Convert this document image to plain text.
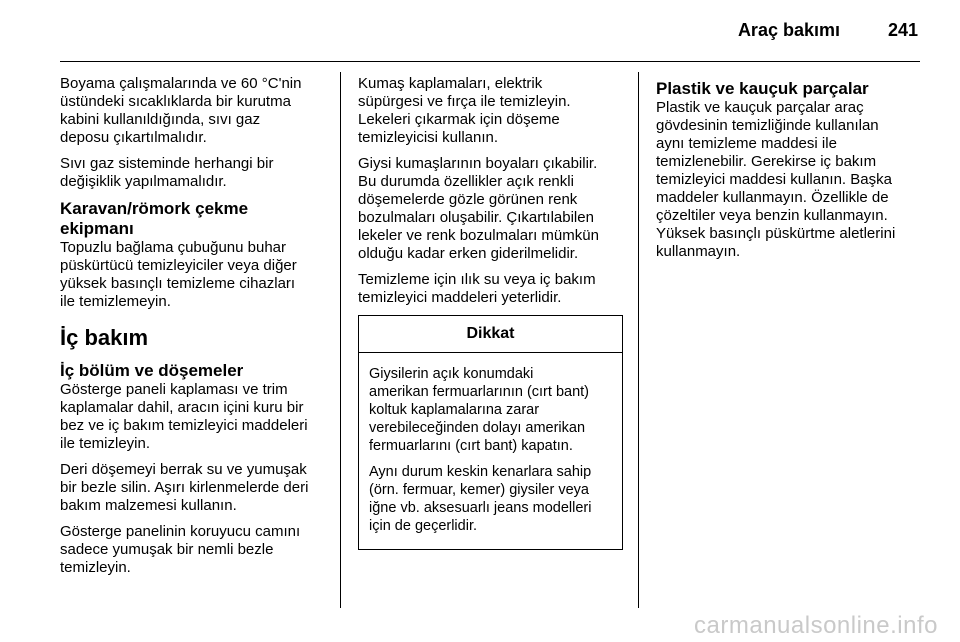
Araç bakımı	241

Boyama çalışmalarında ve 60 °C'nin
üstündeki sıcaklıklarda bir kurutma
kabini kullanıldığında, sıvı gaz
deposu çıkartılmalıdır.

Sıvı gaz sisteminde herhangi bir
değişiklik yapılmamalıdır.

Karavan/römork çekme
ekipmanı

Topuzlu bağlama çubuğunu buhar
püskürtücü temizleyiciler veya diğer
yüksek basınçlı temizleme cihazları
ile temizlemeyin.

İç bakım
İç bölüm ve döşemeler

Gösterge paneli kaplaması ve trim
kaplamalar dahil, aracın içini kuru bir
bez ve iç bakım temizleyici maddeleri
ile temizleyin.

Deri döşemeyi berrak su ve yumuşak
bir bezle silin. Aşırı kirlenmelerde deri
bakım malzemesi kullanın.

Gösterge panelinin koruyucu camını
sadece yumuşak bir nemli bezle
temizleyin.

Kumaş kaplamaları, elektrik
süpürgesi ve fırça ile temizleyin.
Lekeleri çıkarmak için döşeme
temizleyicisi kullanın.

Giysi kumaşlarının boyaları çıkabilir.
Bu durumda özellikler açık renkli
döşemelerde gözle görünen renk
bozulmaları oluşabilir. Çıkartılabilen
lekeler ve renk bozulmaları mümkün
olduğu kadar erken giderilmelidir.

Temizleme için ılık su veya iç bakım
temizleyici maddeleri yeterlidir.

Dikkat

Giysilerin açık konumdaki
amerikan fermuarlarının (cırt bant)
koltuk kaplamalarına zarar
verebileceğinden dolayı amerikan
fermuarlarını (cırt bant) kapatın.

Aynı durum keskin kenarlara sahip
(örn. fermuar, kemer) giysiler veya
iğne vb. aksesuarlı jeans modelleri
için de geçerlidir.

Plastik ve kauçuk parçalar

Plastik ve kauçuk parçalar araç
gövdesinin temizliğinde kullanılan
aynı temizleme maddesi ile
temizlenebilir. Gerekirse iç bakım
temizleyici maddesi kullanın. Başka
maddeler kullanmayın. Özellikle de
çözeltiler veya benzin kullanmayın.
Yüksek basınçlı püskürtme aletlerini
kullanmayın.

carmanualsonline.info
